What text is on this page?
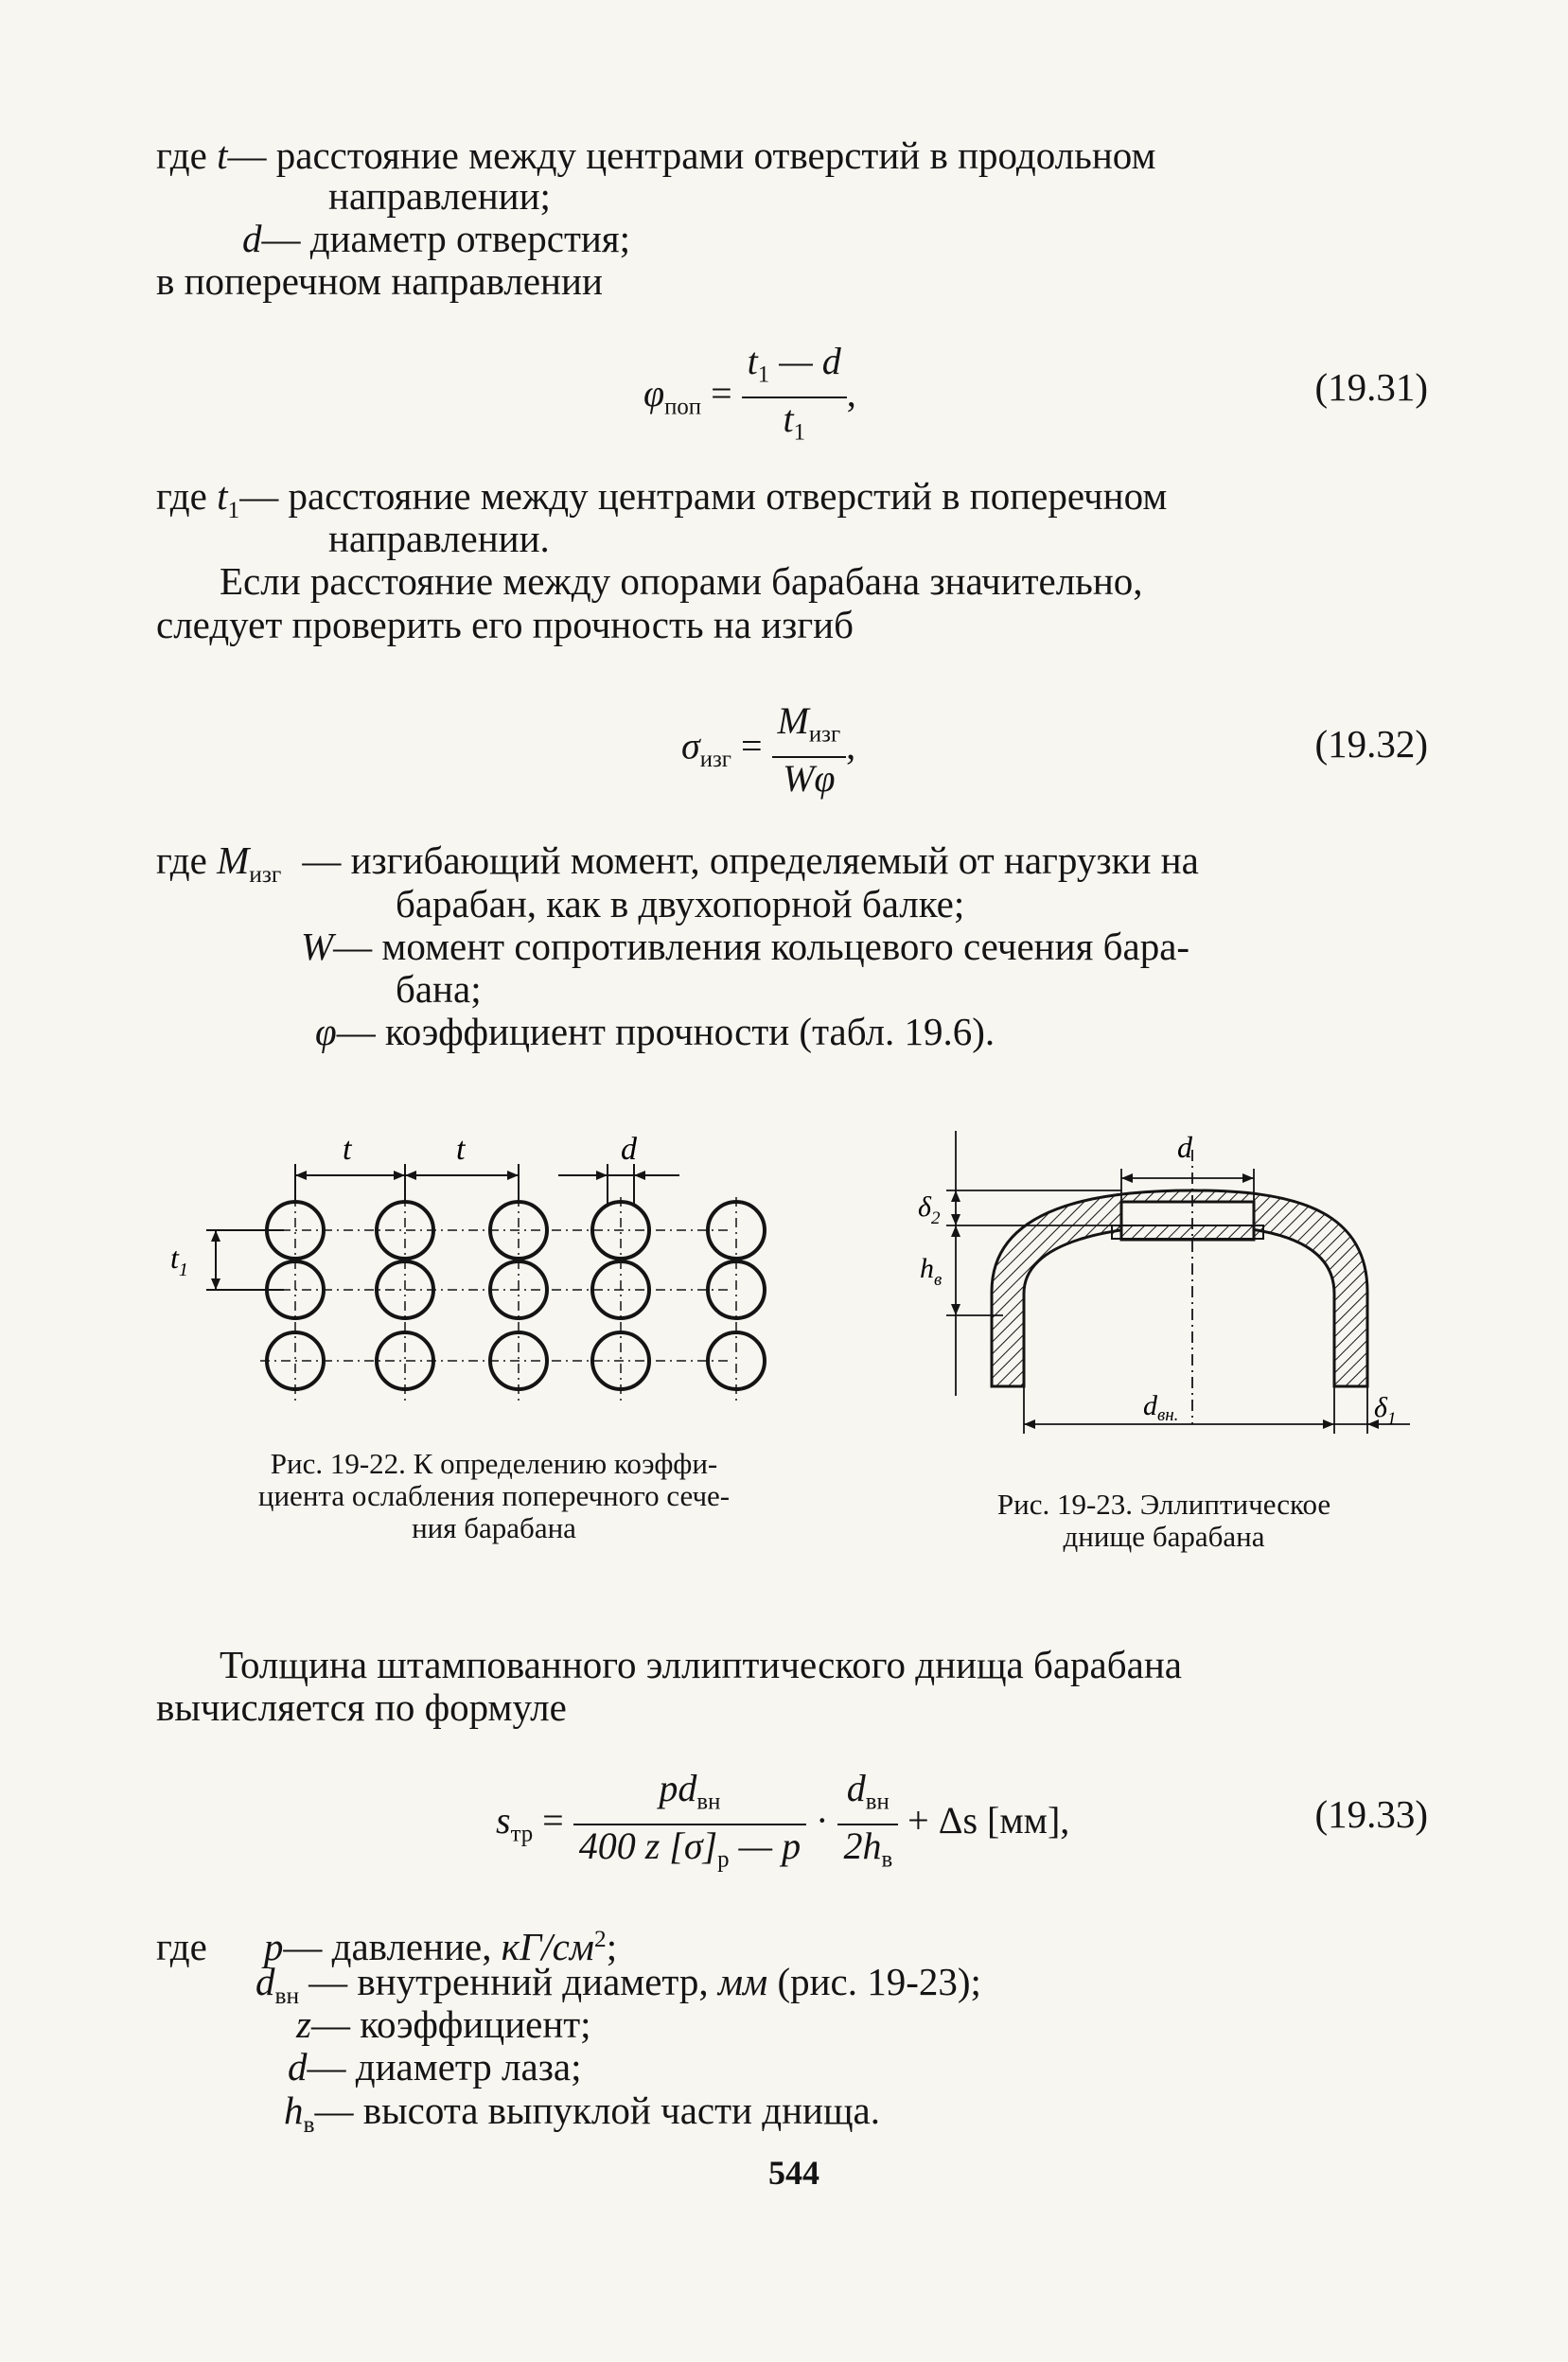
где t— расстояние между центрами отверстий в продольном
направлении;
d— диаметр отверстия;
в поперечном направлении
$\varphi_{поп} = \frac{t_1 — d}{t_1}$ ,	(19.31)
где $t_1—$ расстояние между центрами отверстий в поперечном
направлении.
Если расстояние между опорами барабана значительно,
следует проверить его прочность на изгиб
$\sigma_{изг} = \frac{M_{изг}}{W\varphi}$ ,	(19.32)
где $M_{изг}$ — изгибающий момент, определяемый от нагрузки на
барабан, как в двухопорной балке;
W— момент сопротивления кольцевого сечения бара-
бана;
φ— коэффициент прочности (табл. 19.6).
t	t	d
$t_1$
Рис. 19-22. К определению коэффи-
циента ослабления поперечного сече-
ния барабана
d
$\delta_2$
$h_в$
$d_{вн.}$	$\delta_1$
Рис. 19-23. Эллиптическое
днище барабана
Толщина штампованного эллиптического днища барабана
вычисляется по формуле
$s_{тр} = \frac{pd_{вн}}{400 z [\sigma]_р — p} \cdot \frac{d_{вн}}{2h_в} + \Delta s$ [мм],	(19.33)
где p— давление, $кГ/см^2$;
$d_{вн}$ — внутренний диаметр, мм (рис. 19-23);
z— коэффициент;
d— диаметр лаза;
$h_в—$ высота выпуклой части днища.
544
